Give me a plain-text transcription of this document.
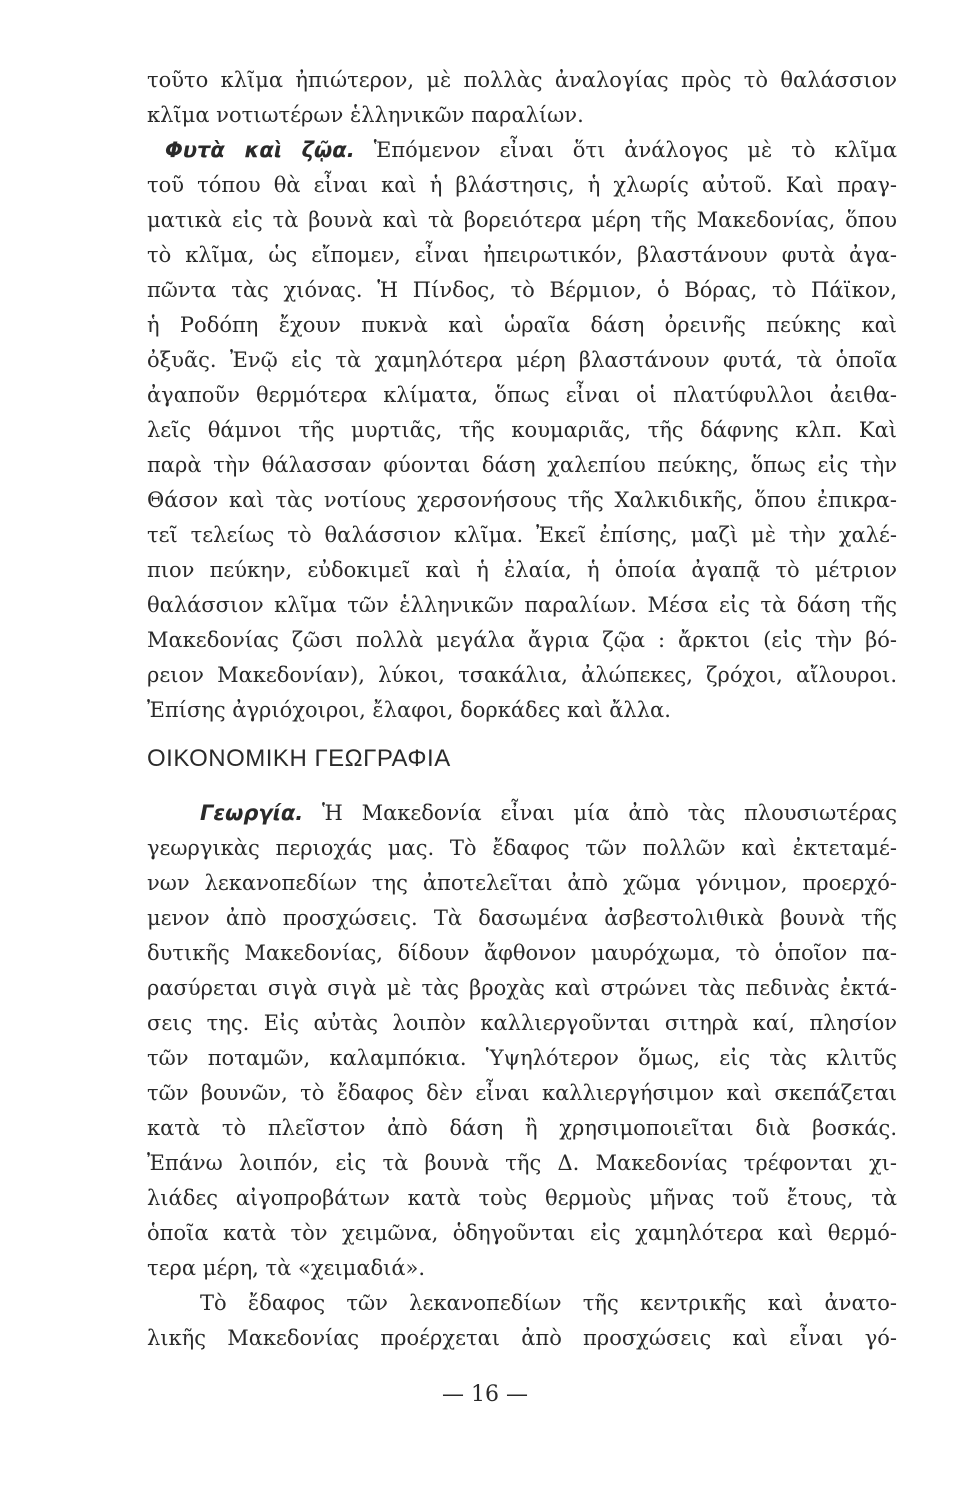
τοῦτο κλῖμα ἠπιώτερον, μὲ πολλὰς ἀναλογίας πρὸς τὸ θαλάσσιον
κλῖμα νοτιωτέρων ἑλληνικῶν παραλίων.
Φυτὰ καὶ ζῷα. Ἑπόμενον εἶναι ὅτι ἀνάλογος μὲ τὸ κλῖμα
τοῦ τόπου θὰ εἶναι καὶ ἡ βλάστησις, ἡ χλωρίς αὐτοῦ. Καὶ πραγ-
ματικὰ εἰς τὰ βουνὰ καὶ τὰ βορειότερα μέρη τῆς Μακεδονίας, ὅπου
τὸ κλῖμα, ὡς εἴπομεν, εἶναι ἠπειρωτικόν, βλαστάνουν φυτὰ ἀγα-
πῶντα τὰς χιόνας. Ἡ Πίνδος, τὸ Βέρμιον, ὁ Βόρας, τὸ Πάϊκον,
ἡ Ροδόπη ἔχουν πυκνὰ καὶ ὡραῖα δάση ὀρεινῆς πεύκης καὶ
ὀξυᾶς. Ἐνῷ εἰς τὰ χαμηλότερα μέρη βλαστάνουν φυτά, τὰ ὁποῖα
ἀγαποῦν θερμότερα κλίματα, ὅπως εἶναι οἱ πλατύφυλλοι ἀειθα-
λεῖς θάμνοι τῆς μυρτιᾶς, τῆς κουμαριᾶς, τῆς δάφνης κλπ. Καὶ
παρὰ τὴν θάλασσαν φύονται δάση χαλεπίου πεύκης, ὅπως εἰς τὴν
Θάσον καὶ τὰς νοτίους χερσονήσους τῆς Χαλκιδικῆς, ὅπου ἐπικρα-
τεῖ τελείως τὸ θαλάσσιον κλῖμα. Ἐκεῖ ἐπίσης, μαζὶ μὲ τὴν χαλέ-
πιον πεύκην, εὐδοκιμεῖ καὶ ἡ ἐλαία, ἡ ὁποία ἀγαπᾷ τὸ μέτριον
θαλάσσιον κλῖμα τῶν ἑλληνικῶν παραλίων. Μέσα εἰς τὰ δάση τῆς
Μακεδονίας ζῶσι πολλὰ μεγάλα ἄγρια ζῷα : ἄρκτοι (εἰς τὴν βό-
ρειον Μακεδονίαν), λύκοι, τσακάλια, ἀλώπεκες, ζρόχοι, αἴλουροι.
Ἐπίσης ἀγριόχοιροι, ἔλαφοι, δορκάδες καὶ ἄλλα.
ΟΙΚΟΝΟΜΙΚΗ ΓΕΩΓΡΑΦΙΑ
Γεωργία. Ἡ Μακεδονία εἶναι μία ἀπὸ τὰς πλουσιωτέρας
γεωργικὰς περιοχάς μας. Τὸ ἔδαφος τῶν πολλῶν καὶ ἐκτεταμέ-
νων λεκανοπεδίων της ἀποτελεῖται ἀπὸ χῶμα γόνιμον, προερχό-
μενον ἀπὸ προσχώσεις. Τὰ δασωμένα ἀσβεστολιθικὰ βουνὰ τῆς
δυτικῆς Μακεδονίας, δίδουν ἄφθονον μαυρόχωμα, τὸ ὁποῖον πα-
ρασύρεται σιγὰ σιγὰ μὲ τὰς βροχὰς καὶ στρώνει τὰς πεδινὰς ἐκτά-
σεις της. Εἰς αὐτὰς λοιπὸν καλλιεργοῦνται σιτηρὰ καί, πλησίον
τῶν ποταμῶν, καλαμπόκια. Ὑψηλότερον ὅμως, εἰς τὰς κλιτῦς
τῶν βουνῶν, τὸ ἔδαφος δὲν εἶναι καλλιεργήσιμον καὶ σκεπάζεται
κατὰ τὸ πλεῖστον ἀπὸ δάση ἢ χρησιμοποιεῖται διὰ βοσκάς.
Ἐπάνω λοιπόν, εἰς τὰ βουνὰ τῆς Δ. Μακεδονίας τρέφονται χι-
λιάδες αἰγοπροβάτων κατὰ τοὺς θερμοὺς μῆνας τοῦ ἔτους, τὰ
ὁποῖα κατὰ τὸν χειμῶνα, ὁδηγοῦνται εἰς χαμηλότερα καὶ θερμό-
τερα μέρη, τὰ «χειμαδιά».
Τὸ ἔδαφος τῶν λεκανοπεδίων τῆς κεντρικῆς καὶ ἀνατο-
λικῆς Μακεδονίας προέρχεται ἀπὸ προσχώσεις καὶ εἶναι γό-
— 16 —
